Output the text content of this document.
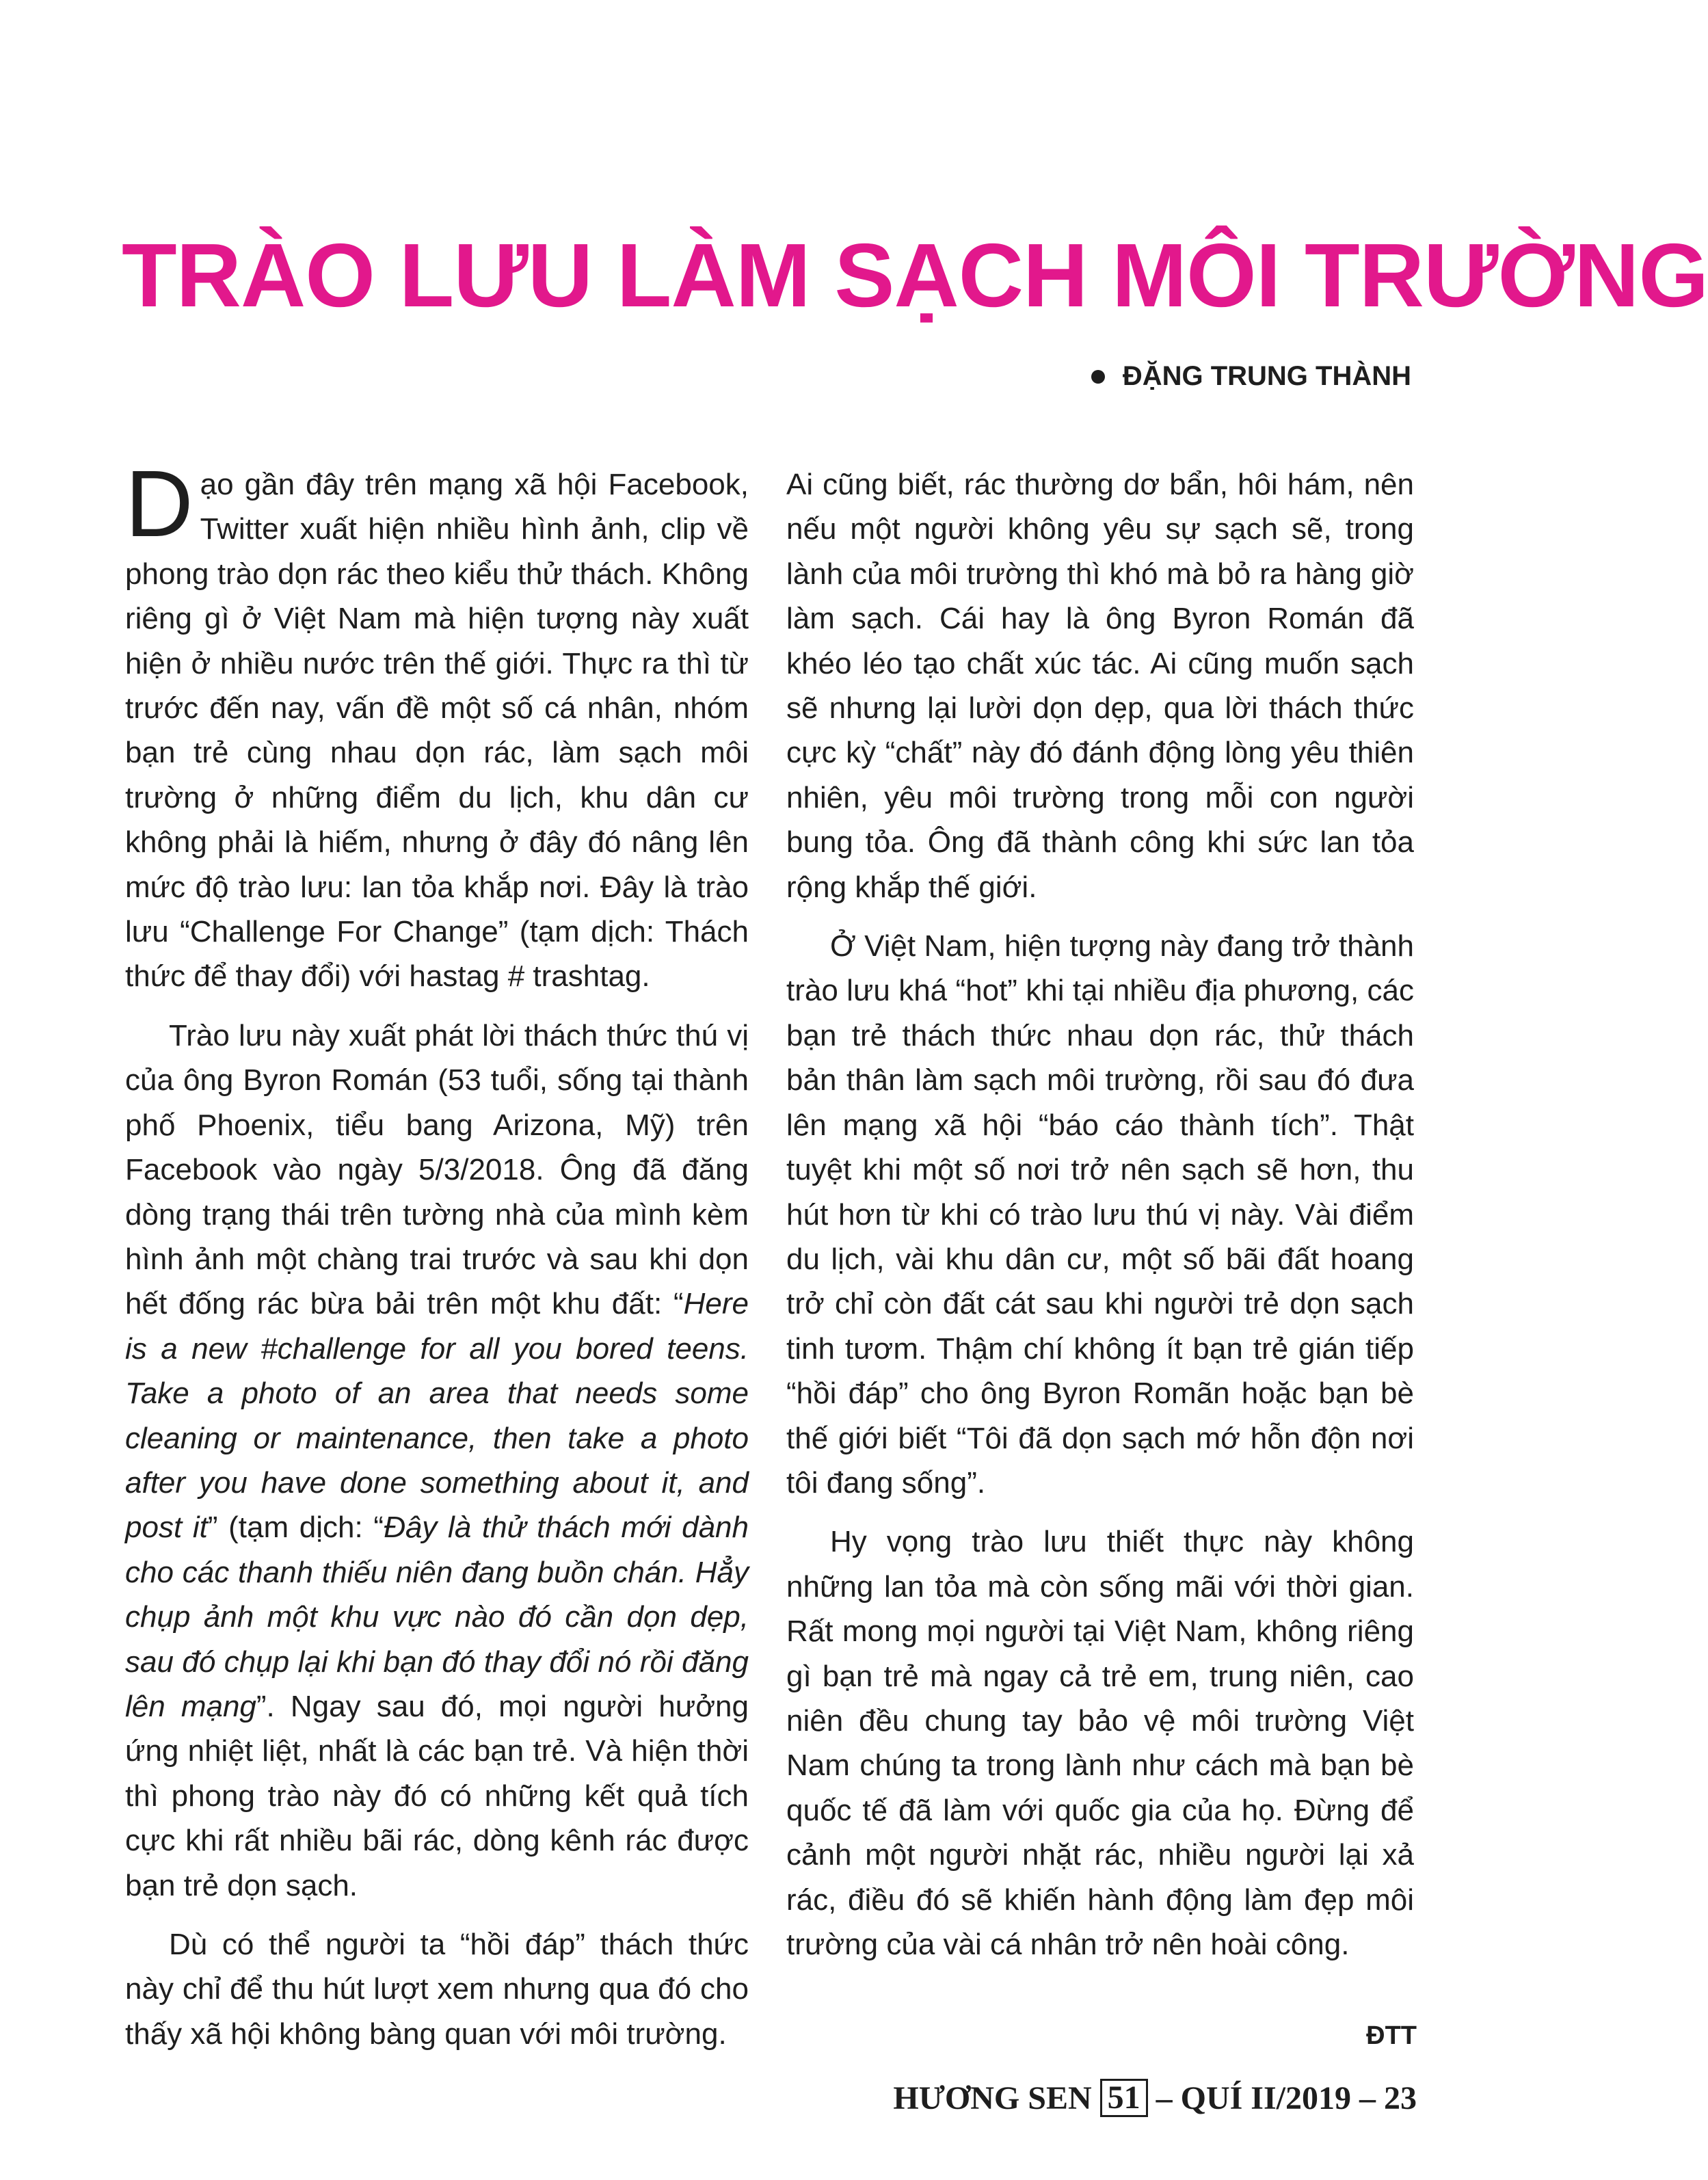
TRÀO LƯU LÀM SẠCH MÔI TRƯỜNG
ĐẶNG TRUNG THÀNH

Dạo gần đây trên mạng xã hội Facebook, Twitter xuất hiện nhiều hình ảnh, clip về phong trào dọn rác theo kiểu thử thách. Không riêng gì ở Việt Nam mà hiện tượng này xuất hiện ở nhiều nước trên thế giới. Thực ra thì từ trước đến nay, vấn đề một số cá nhân, nhóm bạn trẻ cùng nhau dọn rác, làm sạch môi trường ở những điểm du lịch, khu dân cư không phải là hiếm, nhưng ở đây đó nâng lên mức độ trào lưu: lan tỏa khắp nơi. Đây là trào lưu “Challenge For Change” (tạm dịch: Thách thức để thay đổi) với hastag # trashtag.

Trào lưu này xuất phát lời thách thức thú vị của ông Byron Román (53 tuổi, sống tại thành phố Phoenix, tiểu bang Arizona, Mỹ) trên Facebook vào ngày 5/3/2018. Ông đã đăng dòng trạng thái trên tường nhà của mình kèm hình ảnh một chàng trai trước và sau khi dọn hết đống rác bừa bải trên một khu đất: “Here is a new #challenge for all you bored teens. Take a photo of an area that needs some cleaning or maintenance, then take a photo after you have done something about it, and post it” (tạm dịch: “Đây là thử thách mới dành cho các thanh thiếu niên đang buồn chán. Hẳy chụp ảnh một khu vực nào đó cần dọn dẹp, sau đó chụp lại khi bạn đó thay đổi nó rồi đăng lên mạng”. Ngay sau đó, mọi người hưởng ứng nhiệt liệt, nhất là các bạn trẻ. Và hiện thời thì phong trào này đó có những kết quả tích cực khi rất nhiều bãi rác, dòng kênh rác được bạn trẻ dọn sạch.

Dù có thể người ta “hồi đáp” thách thức này chỉ để thu hút lượt xem nhưng qua đó cho thấy xã hội không bàng quan với môi trường.

Ai cũng biết, rác thường dơ bẩn, hôi hám, nên nếu một người không yêu sự sạch sẽ, trong lành của môi trường thì khó mà bỏ ra hàng giờ làm sạch. Cái hay là ông Byron Román đã khéo léo tạo chất xúc tác. Ai cũng muốn sạch sẽ nhưng lại lười dọn dẹp, qua lời thách thức cực kỳ “chất” này đó đánh động lòng yêu thiên nhiên, yêu môi trường trong mỗi con người bung tỏa. Ông đã thành công khi sức lan tỏa rộng khắp thế giới.

Ở Việt Nam, hiện tượng này đang trở thành trào lưu khá “hot” khi tại nhiều địa phương, các bạn trẻ thách thức nhau dọn rác, thử thách bản thân làm sạch môi trường, rồi sau đó đưa lên mạng xã hội “báo cáo thành tích”. Thật tuyệt khi một số nơi trở nên sạch sẽ hơn, thu hút hơn từ khi có trào lưu thú vị này. Vài điểm du lịch, vài khu dân cư, một số bãi đất hoang trở chỉ còn đất cát sau khi người trẻ dọn sạch tinh tươm. Thậm chí không ít bạn trẻ gián tiếp “hồi đáp” cho ông Byron Romãn hoặc bạn bè thế giới biết “Tôi đã dọn sạch mớ hỗn độn nơi tôi đang sống”.

Hy vọng trào lưu thiết thực này không những lan tỏa mà còn sống mãi với thời gian. Rất mong mọi người tại Việt Nam, không riêng gì bạn trẻ mà ngay cả trẻ em, trung niên, cao niên đều chung tay bảo vệ môi trường Việt Nam chúng ta trong lành như cách mà bạn bè quốc tế đã làm với quốc gia của họ. Đừng để cảnh một người nhặt rác, nhiều người lại xả rác, điều đó sẽ khiến hành động làm đẹp môi trường của vài cá nhân trở nên hoài công.

ĐTT
HƯƠNG SEN 51 – QUÍ II/2019 – 23
